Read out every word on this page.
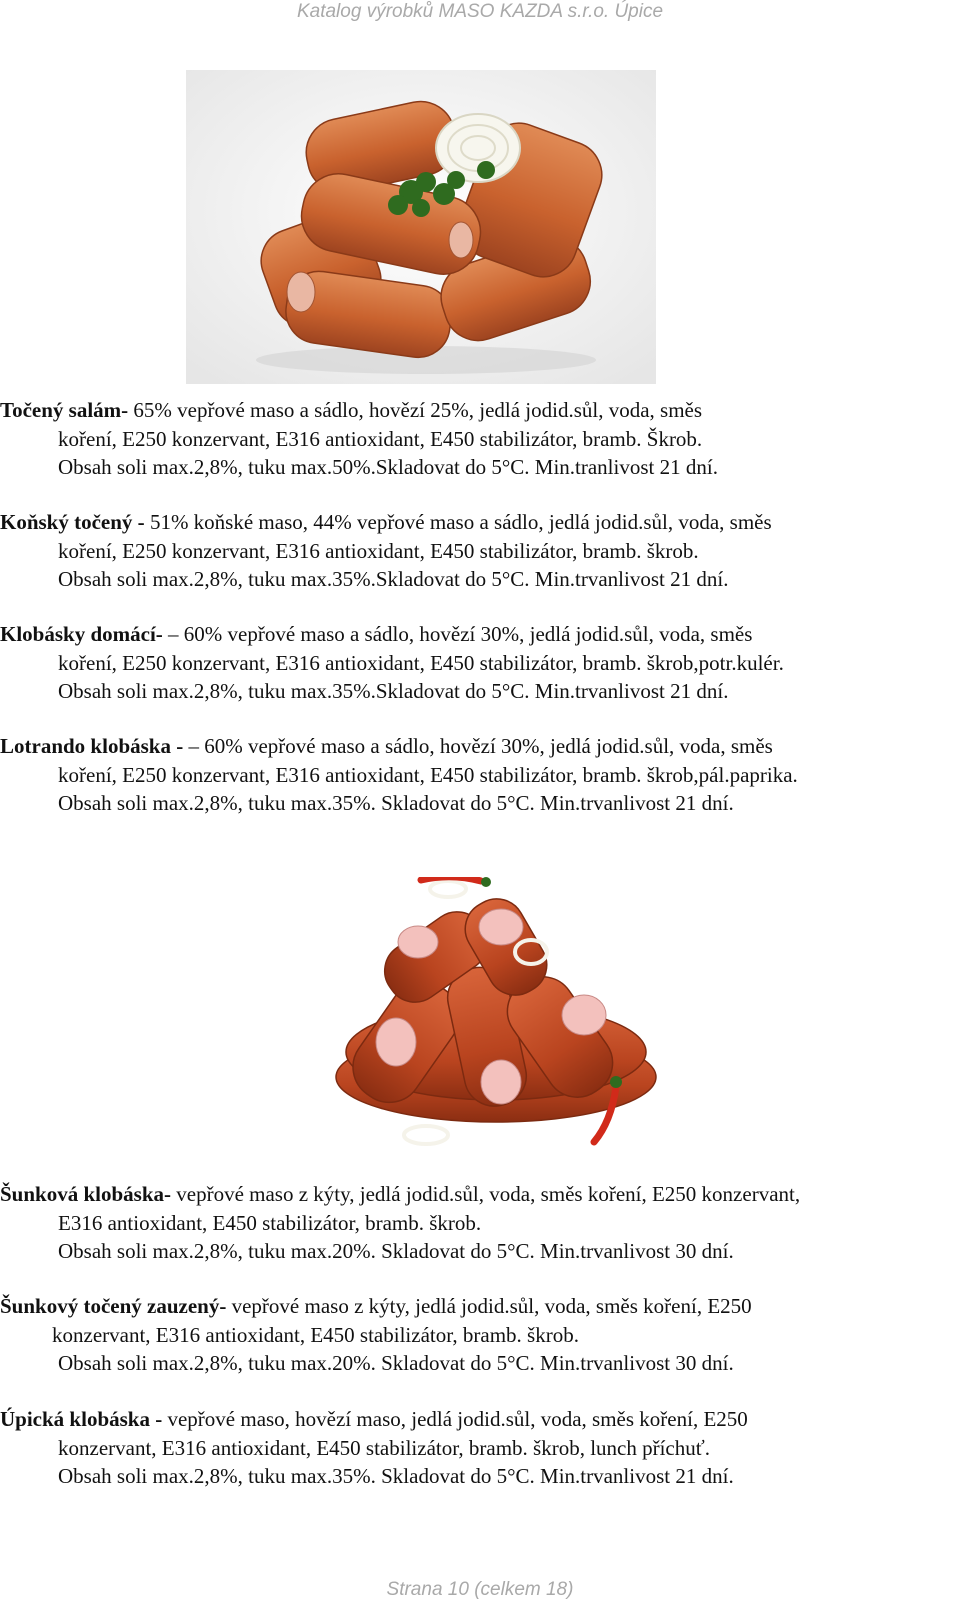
Katalog výrobků MASO KAZDA s.r.o. Úpice
Točený salám- 65% vepřové maso a sádlo, hovězí 25%, jedlá jodid.sůl, voda, směs
koření, E250 konzervant, E316 antioxidant, E450 stabilizátor, bramb. Škrob.
Obsah soli max.2,8%, tuku max.50%.Skladovat do 5°C. Min.tranlivost 21 dní.
Koňský točený - 51% koňské maso, 44% vepřové maso a sádlo, jedlá jodid.sůl, voda, směs
koření, E250 konzervant, E316 antioxidant, E450 stabilizátor, bramb. škrob.
Obsah soli max.2,8%, tuku max.35%.Skladovat do 5°C. Min.trvanlivost 21 dní.
Klobásky domácí- – 60% vepřové maso a sádlo, hovězí 30%, jedlá jodid.sůl, voda, směs
koření, E250 konzervant, E316 antioxidant, E450 stabilizátor, bramb. škrob,potr.kulér.
Obsah soli max.2,8%, tuku max.35%.Skladovat do 5°C. Min.trvanlivost 21 dní.
Lotrando klobáska - – 60% vepřové maso a sádlo, hovězí 30%, jedlá jodid.sůl, voda, směs
koření, E250 konzervant, E316 antioxidant, E450 stabilizátor, bramb. škrob,pál.paprika.
Obsah soli max.2,8%, tuku max.35%. Skladovat do 5°C. Min.trvanlivost 21 dní.
Šunková klobáska- vepřové maso z kýty, jedlá jodid.sůl, voda, směs koření, E250 konzervant,
E316 antioxidant, E450 stabilizátor, bramb. škrob.
Obsah soli max.2,8%, tuku max.20%. Skladovat do 5°C. Min.trvanlivost 30 dní.
Šunkový točený zauzený- vepřové maso z kýty, jedlá jodid.sůl, voda, směs koření, E250
konzervant, E316 antioxidant, E450 stabilizátor, bramb. škrob.
Obsah soli max.2,8%, tuku max.20%. Skladovat do 5°C. Min.trvanlivost 30 dní.
Úpická klobáska - vepřové maso, hovězí maso, jedlá jodid.sůl, voda, směs koření, E250
konzervant, E316 antioxidant, E450 stabilizátor, bramb. škrob, lunch příchuť.
Obsah soli max.2,8%, tuku max.35%. Skladovat do 5°C. Min.trvanlivost 21 dní.
Strana 10 (celkem 18)
